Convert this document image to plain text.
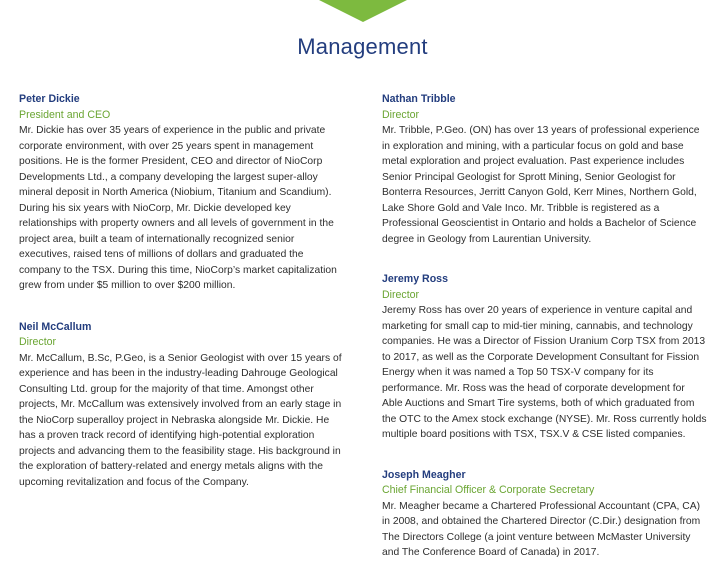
Management
Peter Dickie
President and CEO

Mr. Dickie has over 35 years of experience in the public and private corporate environment, with over 25 years spent in management positions. He is the former President, CEO and director of NioCorp Developments Ltd., a company developing the largest super-alloy mineral deposit in North America (Niobium, Titanium and Scandium). During his six years with NioCorp, Mr. Dickie developed key relationships with property owners and all levels of government in the project area, built a team of internationally recognized senior executives, raised tens of millions of dollars and graduated the company to the TSX. During this time, NioCorp’s market capitalization grew from under $5 million to over $200 million.

Neil McCallum
Director

Mr. McCallum, B.Sc, P.Geo, is a Senior Geologist with over 15 years of experience and has been in the industry-leading Dahrouge Geological Consulting Ltd. group for the majority of that time. Amongst other projects, Mr. McCallum was extensively involved from an early stage in the NioCorp superalloy project in Nebraska alongside Mr. Dickie. He has a proven track record of identifying high-potential exploration projects and advancing them to the feasibility stage. His background in the exploration of battery-related and energy metals aligns with the upcoming revitalization and focus of the Company.

Nathan Tribble
Director

Mr. Tribble, P.Geo. (ON) has over 13 years of professional experience in exploration and mining, with a particular focus on gold and base metal exploration and project evaluation. Past experience includes Senior Principal Geologist for Sprott Mining, Senior Geologist for Bonterra Resources, Jerritt Canyon Gold, Kerr Mines, Northern Gold, Lake Shore Gold and Vale Inco. Mr. Tribble is registered as a Professional Geoscientist in Ontario and holds a Bachelor of Science degree in Geology from Laurentian University.

Jeremy Ross
Director

Jeremy Ross has over 20 years of experience in venture capital and marketing for small cap to mid-tier mining, cannabis, and technology companies. He was a Director of Fission Uranium Corp TSX from 2013 to 2017, as well as the Corporate Development Consultant for Fission Energy when it was named a Top 50 TSX-V company for its performance. Mr. Ross was the head of corporate development for Able Auctions and Smart Tire systems, both of which graduated from the OTC to the Amex stock exchange (NYSE). Mr. Ross currently holds multiple board positions with TSX, TSX.V & CSE listed companies.

Joseph Meagher
Chief Financial Officer & Corporate Secretary

Mr. Meagher became a Chartered Professional Accountant (CPA, CA) in 2008, and obtained the Chartered Director (C.Dir.) designation from The Directors College (a joint venture between McMaster University and The Conference Board of Canada) in 2017.
